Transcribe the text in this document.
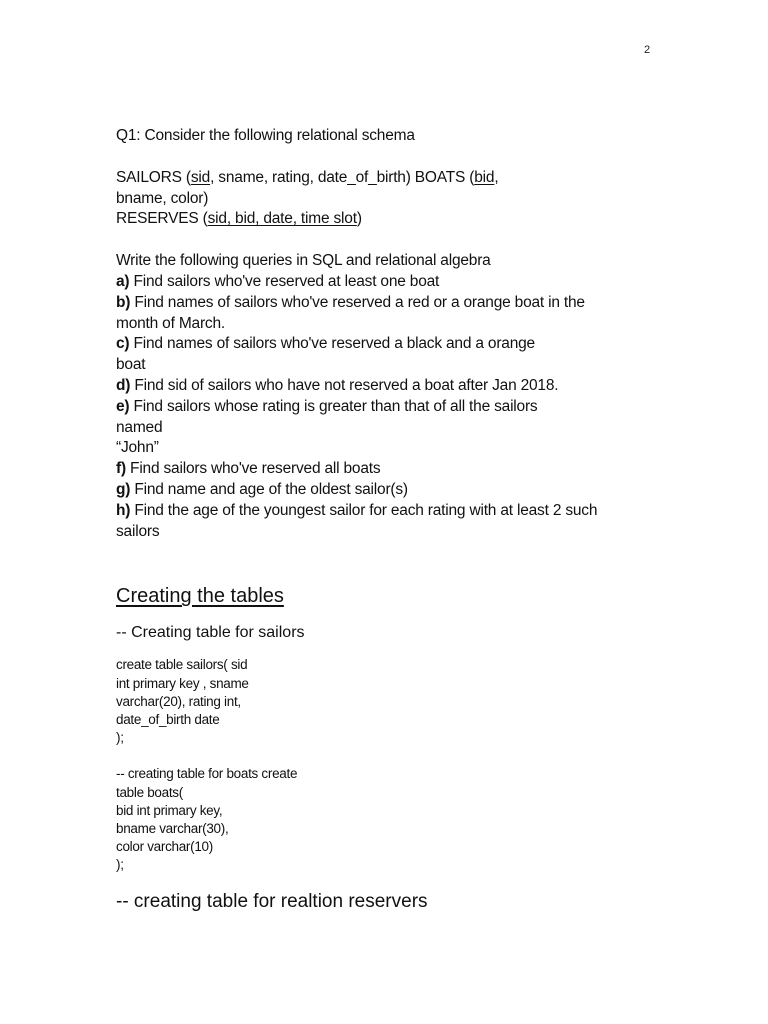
2
Q1: Consider the following relational schema
SAILORS (sid, sname, rating, date_of_birth) BOATS (bid,
bname, color)
RESERVES (sid, bid, date, time slot)
Write the following queries in SQL and relational algebra
a) Find sailors who've reserved at least one boat
b) Find names of sailors who've reserved a red or a orange boat in the
month of March.
c) Find names of sailors who've reserved a black and a orange
boat
d) Find sid of sailors who have not reserved a boat after Jan 2018.
e) Find sailors whose rating is greater than that of all the sailors
named
“John”
f) Find sailors who've reserved all boats
g) Find name and age of the oldest sailor(s)
h) Find the age of the youngest sailor for each rating with at least 2 such
sailors
Creating the tables
-- Creating table for sailors
create table sailors( sid
int primary key , sname
varchar(20), rating int,
date_of_birth date
);
-- creating table for boats create
table boats(
bid int primary key,
bname varchar(30),
color varchar(10)
);
-- creating table for realtion reservers
